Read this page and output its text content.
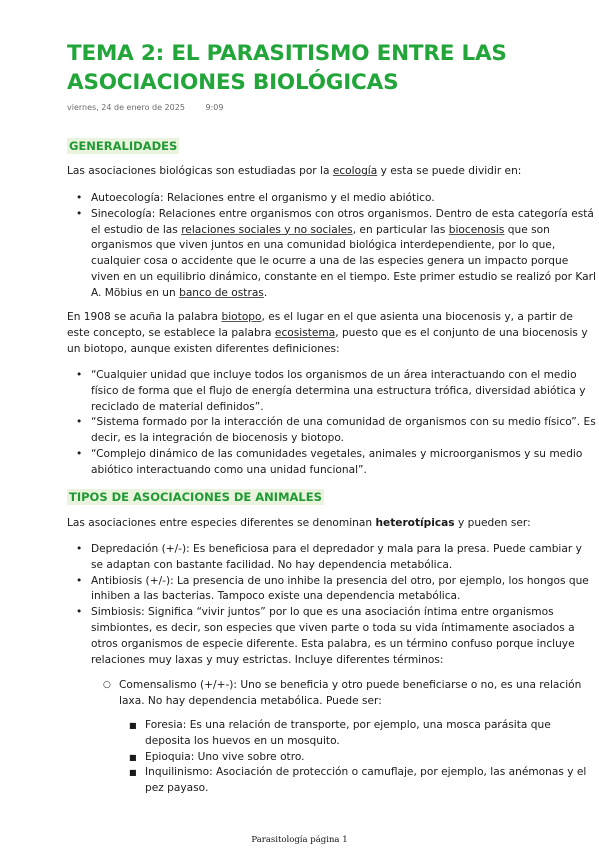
TEMA 2: EL PARASITISMO ENTRE LAS ASOCIACIONES BIOLÓGICAS
viernes, 24 de enero de 2025	9:09
GENERALIDADES
Las asociaciones biológicas son estudiadas por la ecología y esta se puede dividir en:
• Autoecología: Relaciones entre el organismo y el medio abiótico.
• Sinecología: Relaciones entre organismos con otros organismos. Dentro de esta categoría está el estudio de las relaciones sociales y no sociales, en particular las biocenosis que son organismos que viven juntos en una comunidad biológica interdependiente, por lo que, cualquier cosa o accidente que le ocurre a una de las especies genera un impacto porque viven en un equilibrio dinámico, constante en el tiempo. Este primer estudio se realizó por Karl A. Möbius en un banco de ostras.
En 1908 se acuña la palabra biotopo, es el lugar en el que asienta una biocenosis y, a partir de este concepto, se establece la palabra ecosistema, puesto que es el conjunto de una biocenosis y un biotopo, aunque existen diferentes definiciones:
• “Cualquier unidad que incluye todos los organismos de un área interactuando con el medio físico de forma que el flujo de energía determina una estructura trófica, diversidad abiótica y reciclado de material definidos”.
• “Sistema formado por la interacción de una comunidad de organismos con su medio físico”. Es decir, es la integración de biocenosis y biotopo.
• “Complejo dinámico de las comunidades vegetales, animales y microorganismos y su medio abiótico interactuando como una unidad funcional”.
TIPOS DE ASOCIACIONES DE ANIMALES
Las asociaciones entre especies diferentes se denominan heterotípicas y pueden ser:
• Depredación (+/-): Es beneficiosa para el depredador y mala para la presa. Puede cambiar y se adaptan con bastante facilidad. No hay dependencia metabólica.
• Antibiosis (+/-): La presencia de uno inhibe la presencia del otro, por ejemplo, los hongos que inhiben a las bacterias. Tampoco existe una dependencia metabólica.
• Simbiosis: Significa “vivir juntos” por lo que es una asociación íntima entre organismos simbiontes, es decir, son especies que viven parte o toda su vida íntimamente asociados a otros organismos de especie diferente. Esta palabra, es un término confuso porque incluye relaciones muy laxas y muy estrictas. Incluye diferentes términos:
○ Comensalismo (+/+-): Uno se beneficia y otro puede beneficiarse o no, es una relación laxa. No hay dependencia metabólica. Puede ser:
■ Foresia: Es una relación de transporte, por ejemplo, una mosca parásita que deposita los huevos en un mosquito.
■ Epioquia: Uno vive sobre otro.
■ Inquilinismo: Asociación de protección o camuflaje, por ejemplo, las anémonas y el pez payaso.
Parasitología página 1
